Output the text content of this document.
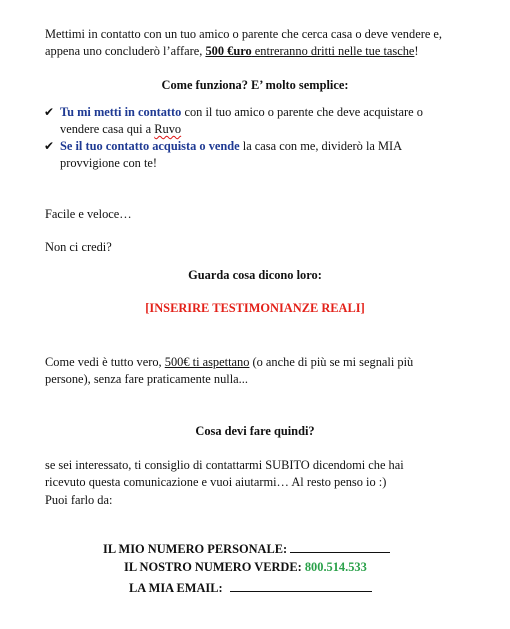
Mettimi in contatto con un tuo amico o parente che cerca casa o deve vendere e,
appena uno concluderò l’affare, 500 €uro entreranno dritti nelle tue tasche!
Come funziona? E’ molto semplice:
✔ Tu mi metti in contatto con il tuo amico o parente che deve acquistare o
vendere casa qui a Ruvo
✔ Se il tuo contatto acquista o vende la casa con me, dividerò la MIA
provvigione con te!
Facile e veloce…
Non ci credi?
Guarda cosa dicono loro:
[INSERIRE TESTIMONIANZE REALI]
Come vedi è tutto vero, 500€ ti aspettano (o anche di più se mi segnali più
persone), senza fare praticamente nulla...
Cosa devi fare quindi?
se sei interessato, ti consiglio di contattarmi SUBITO dicendomi che hai
ricevuto questa comunicazione e vuoi aiutarmi… Al resto penso io :)
Puoi farlo da:
IL MIO NUMERO PERSONALE:
IL NOSTRO NUMERO VERDE: 800.514.533
LA MIA EMAIL:
